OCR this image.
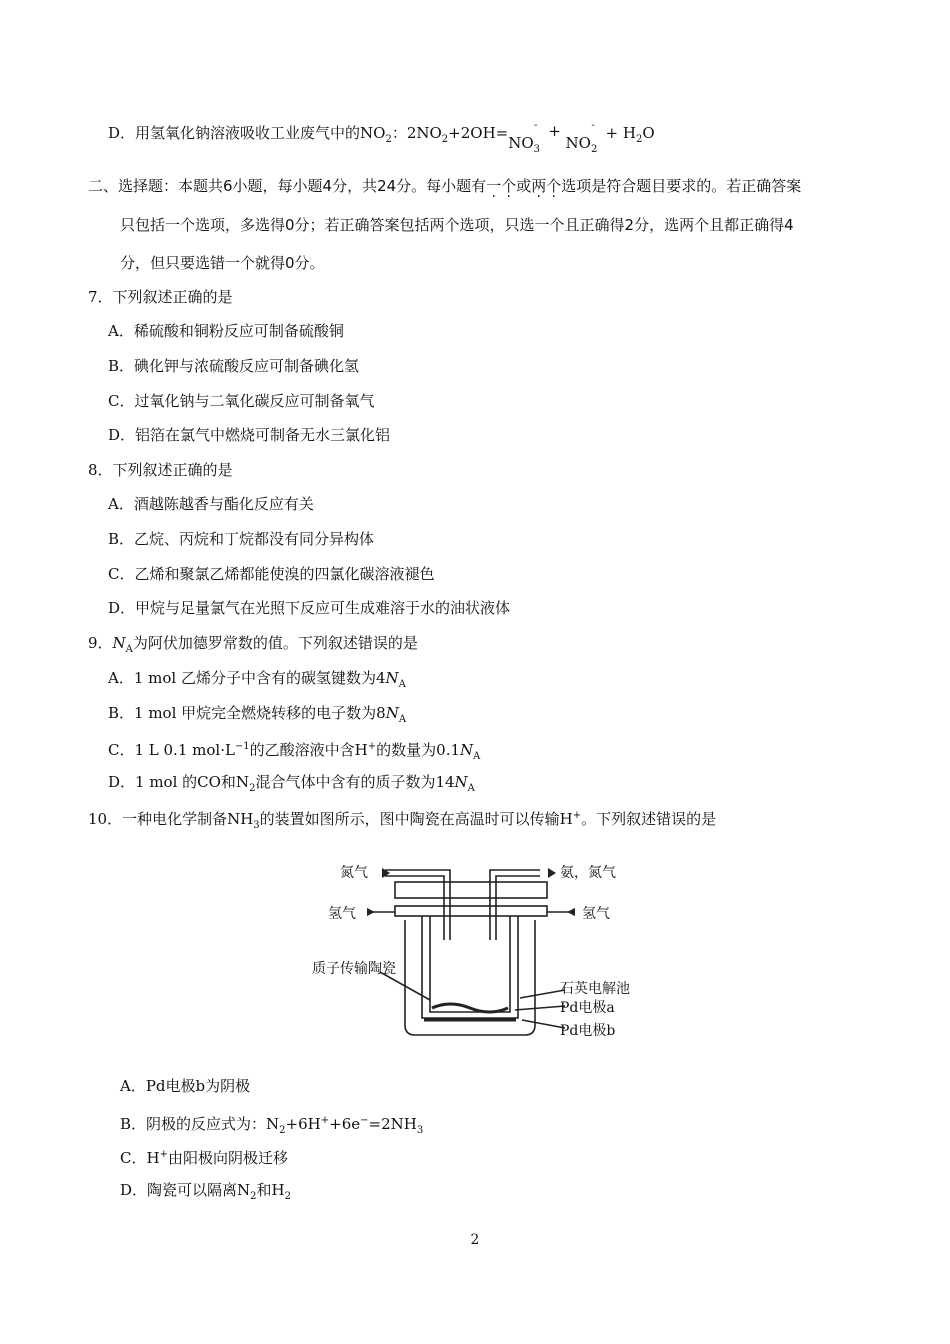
D．用氢氧化钠溶液吸收工业废气中的$NO_2$：$2NO_2+2OH=NO_3^- + NO_2^- + H_2O$
二、选择题：本题共6小题，每小题4分，共24分。每小题有一个或两个选项是符合题目要求的。若正确答案
只包括一个选项，多选得0分；若正确答案包括两个选项，只选一个且正确得2分，选两个且都正确得4
分，但只要选错一个就得0分。
7．下列叙述正确的是
A．稀硫酸和铜粉反应可制备硫酸铜
B．碘化钾与浓硫酸反应可制备碘化氢
C．过氧化钠与二氧化碳反应可制备氧气
D．铝箔在氯气中燃烧可制备无水三氯化铝
8．下列叙述正确的是
A．酒越陈越香与酯化反应有关
B．乙烷、丙烷和丁烷都没有同分异构体
C．乙烯和聚氯乙烯都能使溴的四氯化碳溶液褪色
D．甲烷与足量氯气在光照下反应可生成难溶于水的油状液体
9．$N_A$为阿伏加德罗常数的值。下列叙述错误的是
A．1 mol 乙烯分子中含有的碳氢键数为$4N_A$
B．1 mol 甲烷完全燃烧转移的电子数为$8N_A$
C．1 L 0.1 $mol\cdot L^{-1}$的乙酸溶液中含H+的数量为$0.1N_A$
D．1 mol 的CO和$N_2$混合气体中含有的质子数为$14N_A$
10．一种电化学制备$NH_3$的装置如图所示，图中陶瓷在高温时可以传输H+。下列叙述错误的是
氮气	氨，氮气
氢气	氢气
质子传输陶瓷
石英电解池
Pd电极a
Pd电极b
A．Pd电极b为阴极
B．阴极的反应式为：$N_2+6H^++6e^-=2NH_3$
C．H+由阳极向阴极迁移
D．陶瓷可以隔离$N_2$和$H_2$
2
